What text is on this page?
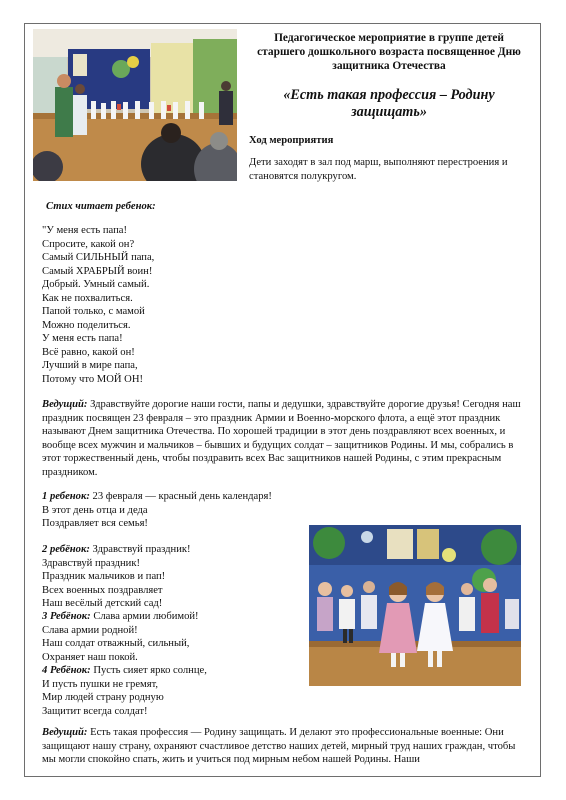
Педагогическое мероприятие в группе детей старшего дошкольного возраста посвященное Дню защитника Отечества
«Есть такая профессия – Родину защищать»
Ход мероприятия
Дети заходят в зал под марш, выполняют перестроения и становятся полукругом.
Стих читает ребенок:
"У меня есть папа!
Спросите, какой он?
Самый СИЛЬНЫЙ папа,
Самый ХРАБРЫЙ воин!
Добрый. Умный самый.
Как не похвалиться.
Папой только, с мамой
Можно поделиться.
У меня есть папа!
Всё равно, какой он!
Лучший в мире папа,
Потому что МОЙ ОН!
Ведущий: Здравствуйте дорогие наши гости, папы и дедушки, здравствуйте дорогие друзья! Сегодня наш праздник посвящен 23 февраля – это праздник Армии и Военно-морского флота, а ещё этот праздник называют Днем защитника Отечества. По хорошей традиции в этот день поздравляют всех военных, и вообще всех мужчин и мальчиков – бывших и будущих солдат – защитников Родины. И мы, собрались в этот торжественный день, чтобы поздравить всех Вас защитников нашей Родины, с этим прекрасным праздником.
1 ребенок: 23 февраля — красный день календаря!
В этот день отца и деда
Поздравляет вся семья!
2 ребёнок: Здравствуй праздник!
Здравствуй праздник!
Праздник мальчиков и пап!
Всех военных поздравляет
Наш весёлый детский сад!
3 Ребёнок: Слава армии любимой!
Слава армии родной!
Наш солдат отважный, сильный,
Охраняет наш покой.
4 Ребёнок: Пусть сияет ярко солнце,
И пусть пушки не гремят,
Мир людей страну родную
Защитит всегда солдат!
Ведущий: Есть такая профессия — Родину защищать. И делают это профессиональные военные: Они защищают нашу страну, охраняют счастливое детство наших детей, мирный труд наших граждан, чтобы мы могли спокойно спать, жить и учиться под мирным небом нашей Родины. Наши
